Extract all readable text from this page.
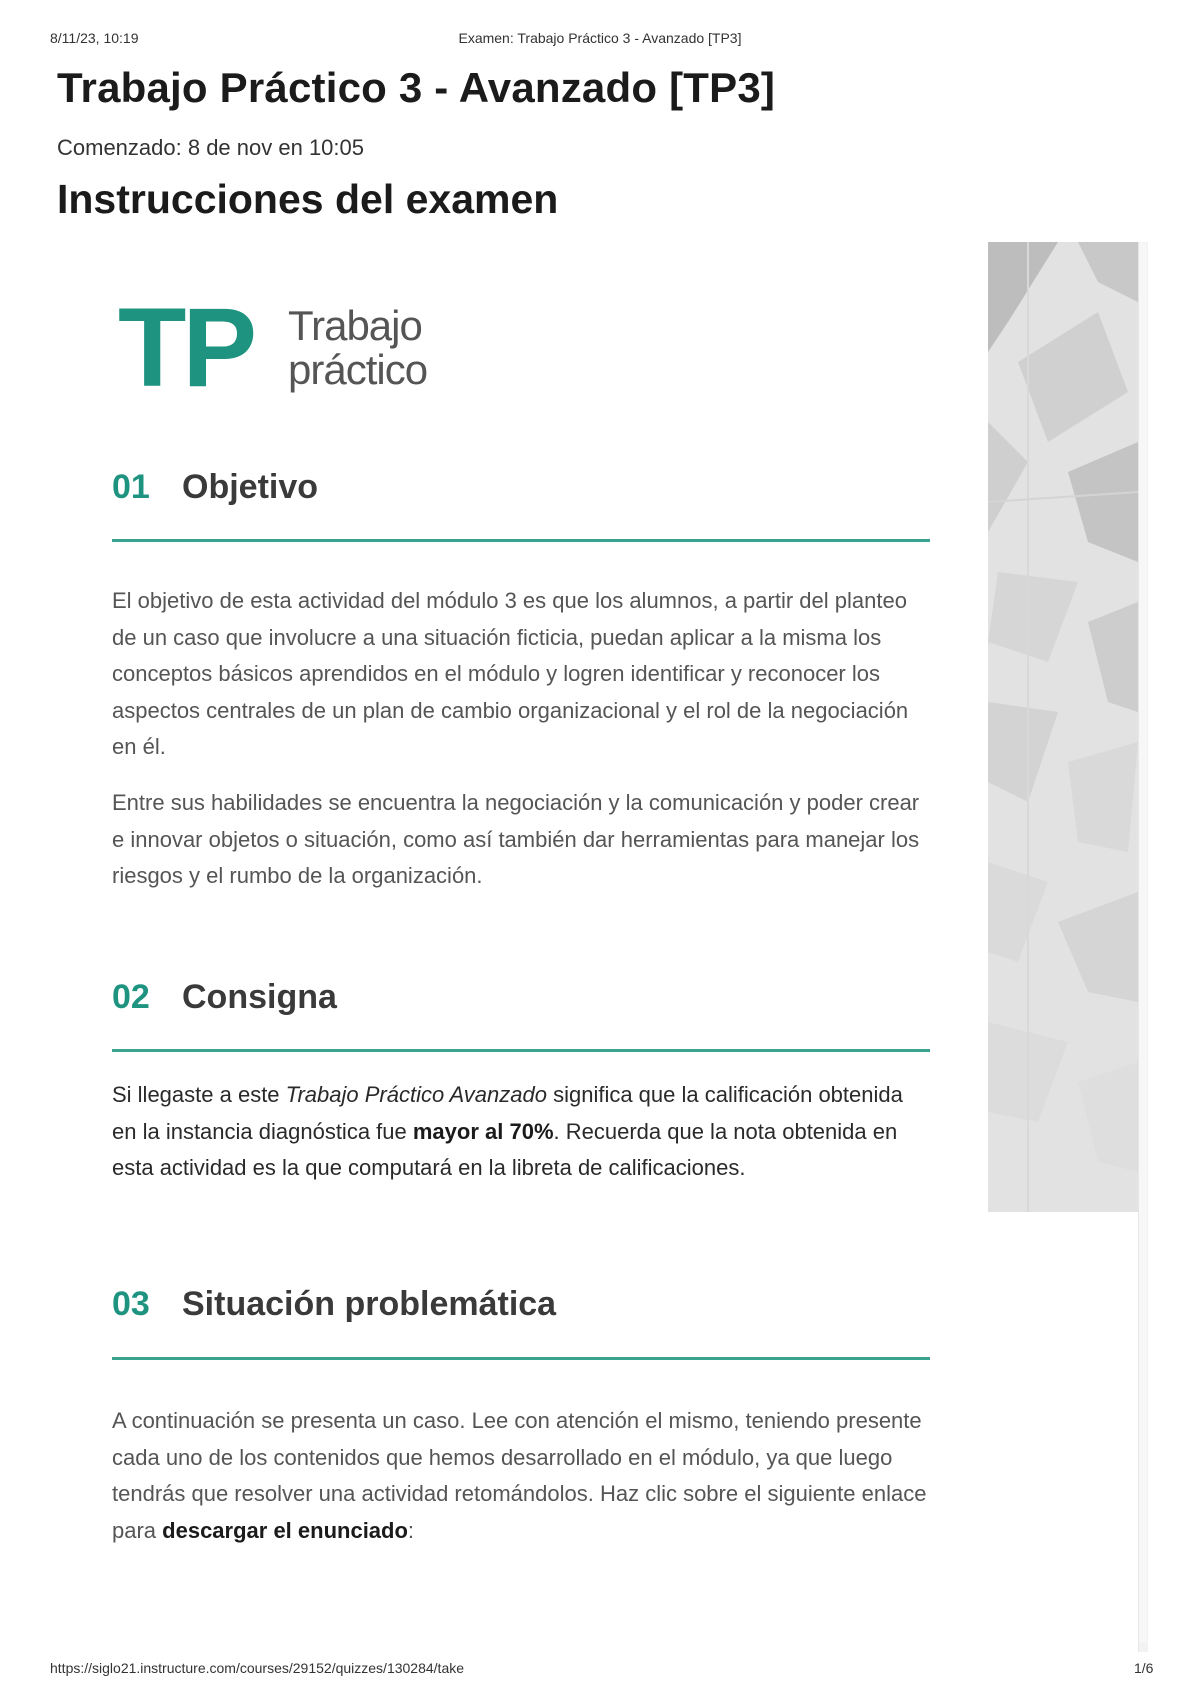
8/11/23, 10:19	Examen: Trabajo Práctico 3 - Avanzado [TP3]
Trabajo Práctico 3 - Avanzado [TP3]
Comenzado: 8 de nov en 10:05
Instrucciones del examen
TP Trabajo
práctico
01 Objetivo

El objetivo de esta actividad del módulo 3 es que los alumnos, a partir del planteo de un caso que involucre a una situación ficticia, puedan aplicar a la misma los conceptos básicos aprendidos en el módulo y logren identificar y reconocer los aspectos centrales de un plan de cambio organizacional y el rol de la negociación en él.

Entre sus habilidades se encuentra la negociación y la comunicación y poder crear e innovar objetos o situación, como así también dar herramientas para manejar los riesgos y el rumbo de la organización.

02 Consigna

Si llegaste a este Trabajo Práctico Avanzado significa que la calificación obtenida en la instancia diagnóstica fue mayor al 70%. Recuerda que la nota obtenida en esta actividad es la que computará en la libreta de calificaciones.

03 Situación problemática

A continuación se presenta un caso. Lee con atención el mismo, teniendo presente cada uno de los contenidos que hemos desarrollado en el módulo, ya que luego tendrás que resolver una actividad retomándolos. Haz clic sobre el siguiente enlace para descargar el enunciado:

https://siglo21.instructure.com/courses/29152/quizzes/130284/take	1/6
